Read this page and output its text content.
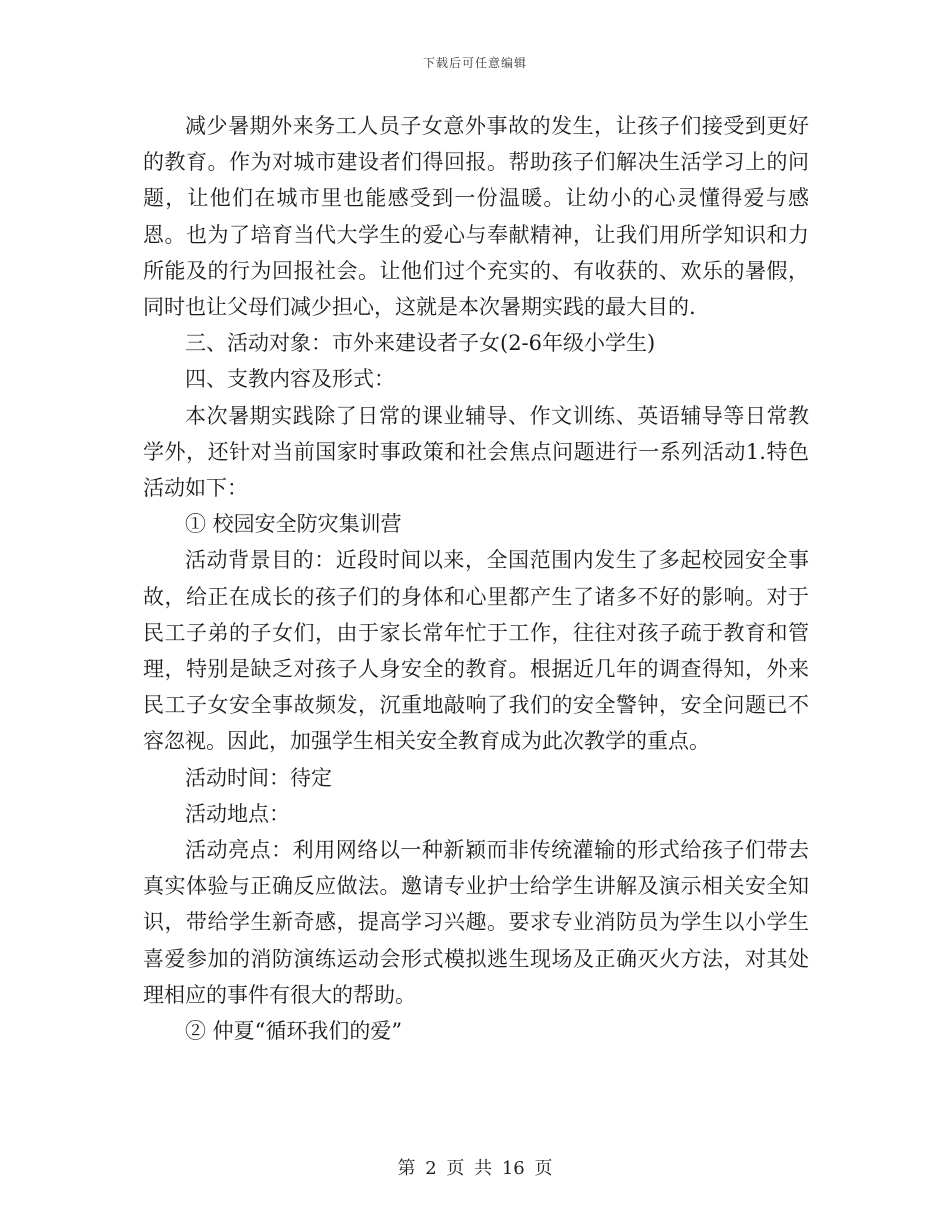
下载后可任意编辑

减少暑期外来务工人员子女意外事故的发生，让孩子们接受到更好的教育。作为对城市建设者们得回报。帮助孩子们解决生活学习上的问题，让他们在城市里也能感受到一份温暖。让幼小的心灵懂得爱与感恩。也为了培育当代大学生的爱心与奉献精神，让我们用所学知识和力所能及的行为回报社会。让他们过个充实的、有收获的、欢乐的暑假，同时也让父母们减少担心，这就是本次暑期实践的最大目的.

三、活动对象：市外来建设者子女(2-6年级小学生)

四、支教内容及形式：

本次暑期实践除了日常的课业辅导、作文训练、英语辅导等日常教学外，还针对当前国家时事政策和社会焦点问题进行一系列活动1.特色活动如下：

① 校园安全防灾集训营

活动背景目的：近段时间以来，全国范围内发生了多起校园安全事故，给正在成长的孩子们的身体和心里都产生了诸多不好的影响。对于民工子弟的子女们，由于家长常年忙于工作，往往对孩子疏于教育和管理，特别是缺乏对孩子人身安全的教育。根据近几年的调查得知，外来民工子女安全事故频发，沉重地敲响了我们的安全警钟，安全问题已不容忽视。因此，加强学生相关安全教育成为此次教学的重点。

活动时间：待定

活动地点：

活动亮点：利用网络以一种新颖而非传统灌输的形式给孩子们带去真实体验与正确反应做法。邀请专业护士给学生讲解及演示相关安全知识，带给学生新奇感，提高学习兴趣。要求专业消防员为学生以小学生喜爱参加的消防演练运动会形式模拟逃生现场及正确灭火方法，对其处理相应的事件有很大的帮助。

② 仲夏“循环我们的爱”

第 2 页 共 16 页
